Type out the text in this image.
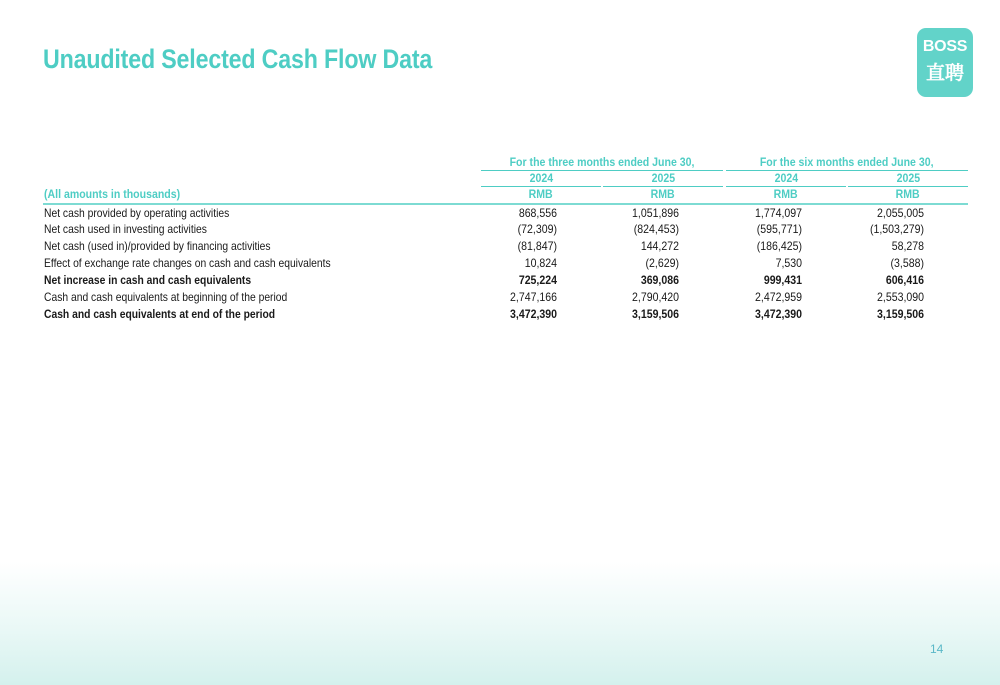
Unaudited Selected Cash Flow Data	BOSS
直聘
For the three months ended June 30,	For the six months ended June 30,
2024	2025	2024	2025
RMB	RMB	RMB	RMB
(All amounts in thousands)
Net cash provided by operating activities	868,556	1,051,896	1,774,097	2,055,005
Net cash used in investing activities	(72,309)	(824,453)	(595,771)	(1,503,279)
Net cash (used in)/provided by financing activities	(81,847)	144,272	(186,425)	58,278
Effect of exchange rate changes on cash and cash equivalents	10,824	(2,629)	7,530	(3,588)
Net increase in cash and cash equivalents	725,224	369,086	999,431	606,416
Cash and cash equivalents at beginning of the period	2,747,166	2,790,420	2,472,959	2,553,090
Cash and cash equivalents at end of the period	3,472,390	3,159,506	3,472,390	3,159,506
14
